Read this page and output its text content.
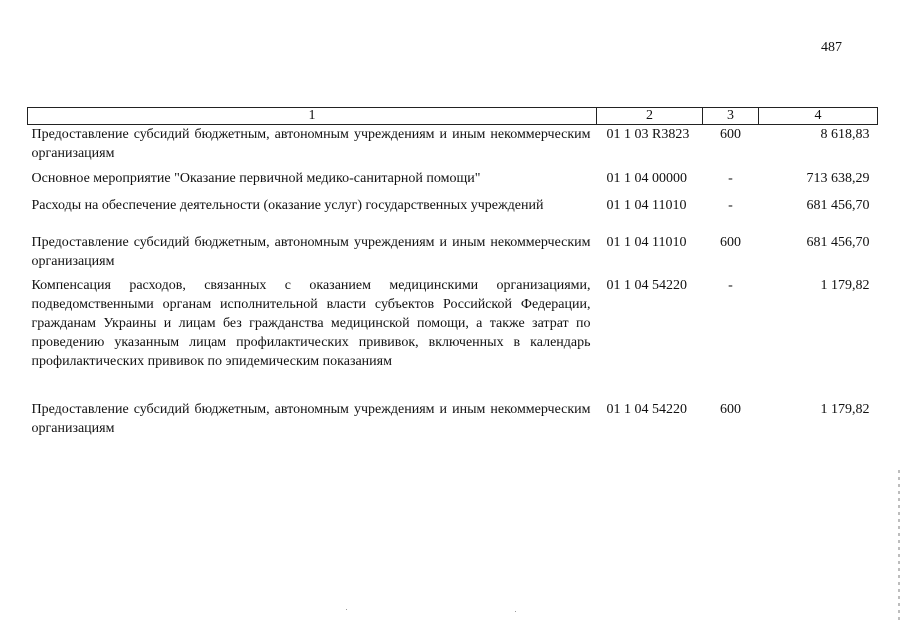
487
1	2	3	4
Предоставление субсидий бюджетным, автономным учреждениям и иным некоммерческим организациям	01 1 03 R3823	600	8 618,83
Основное мероприятие "Оказание первичной медико-санитарной помощи"	01 1 04 00000	-	713 638,29
Расходы на обеспечение деятельности (оказание услуг) государственных учреждений	01 1 04 11010	-	681 456,70
Предоставление субсидий бюджетным, автономным учреждениям и иным некоммерческим организациям	01 1 04 11010	600	681 456,70
Компенсация расходов, связанных с оказанием медицинскими организациями, подведомственными органам исполнительной власти субъектов Российской Федерации, гражданам Украины и лицам без гражданства медицинской помощи, а также затрат по проведению указанным лицам профилактических прививок, включенных в календарь профилактических прививок по эпидемическим показаниям	01 1 04 54220	-	1 179,82
Предоставление субсидий бюджетным, автономным учреждениям и иным некоммерческим организациям	01 1 04 54220	600	1 179,82
